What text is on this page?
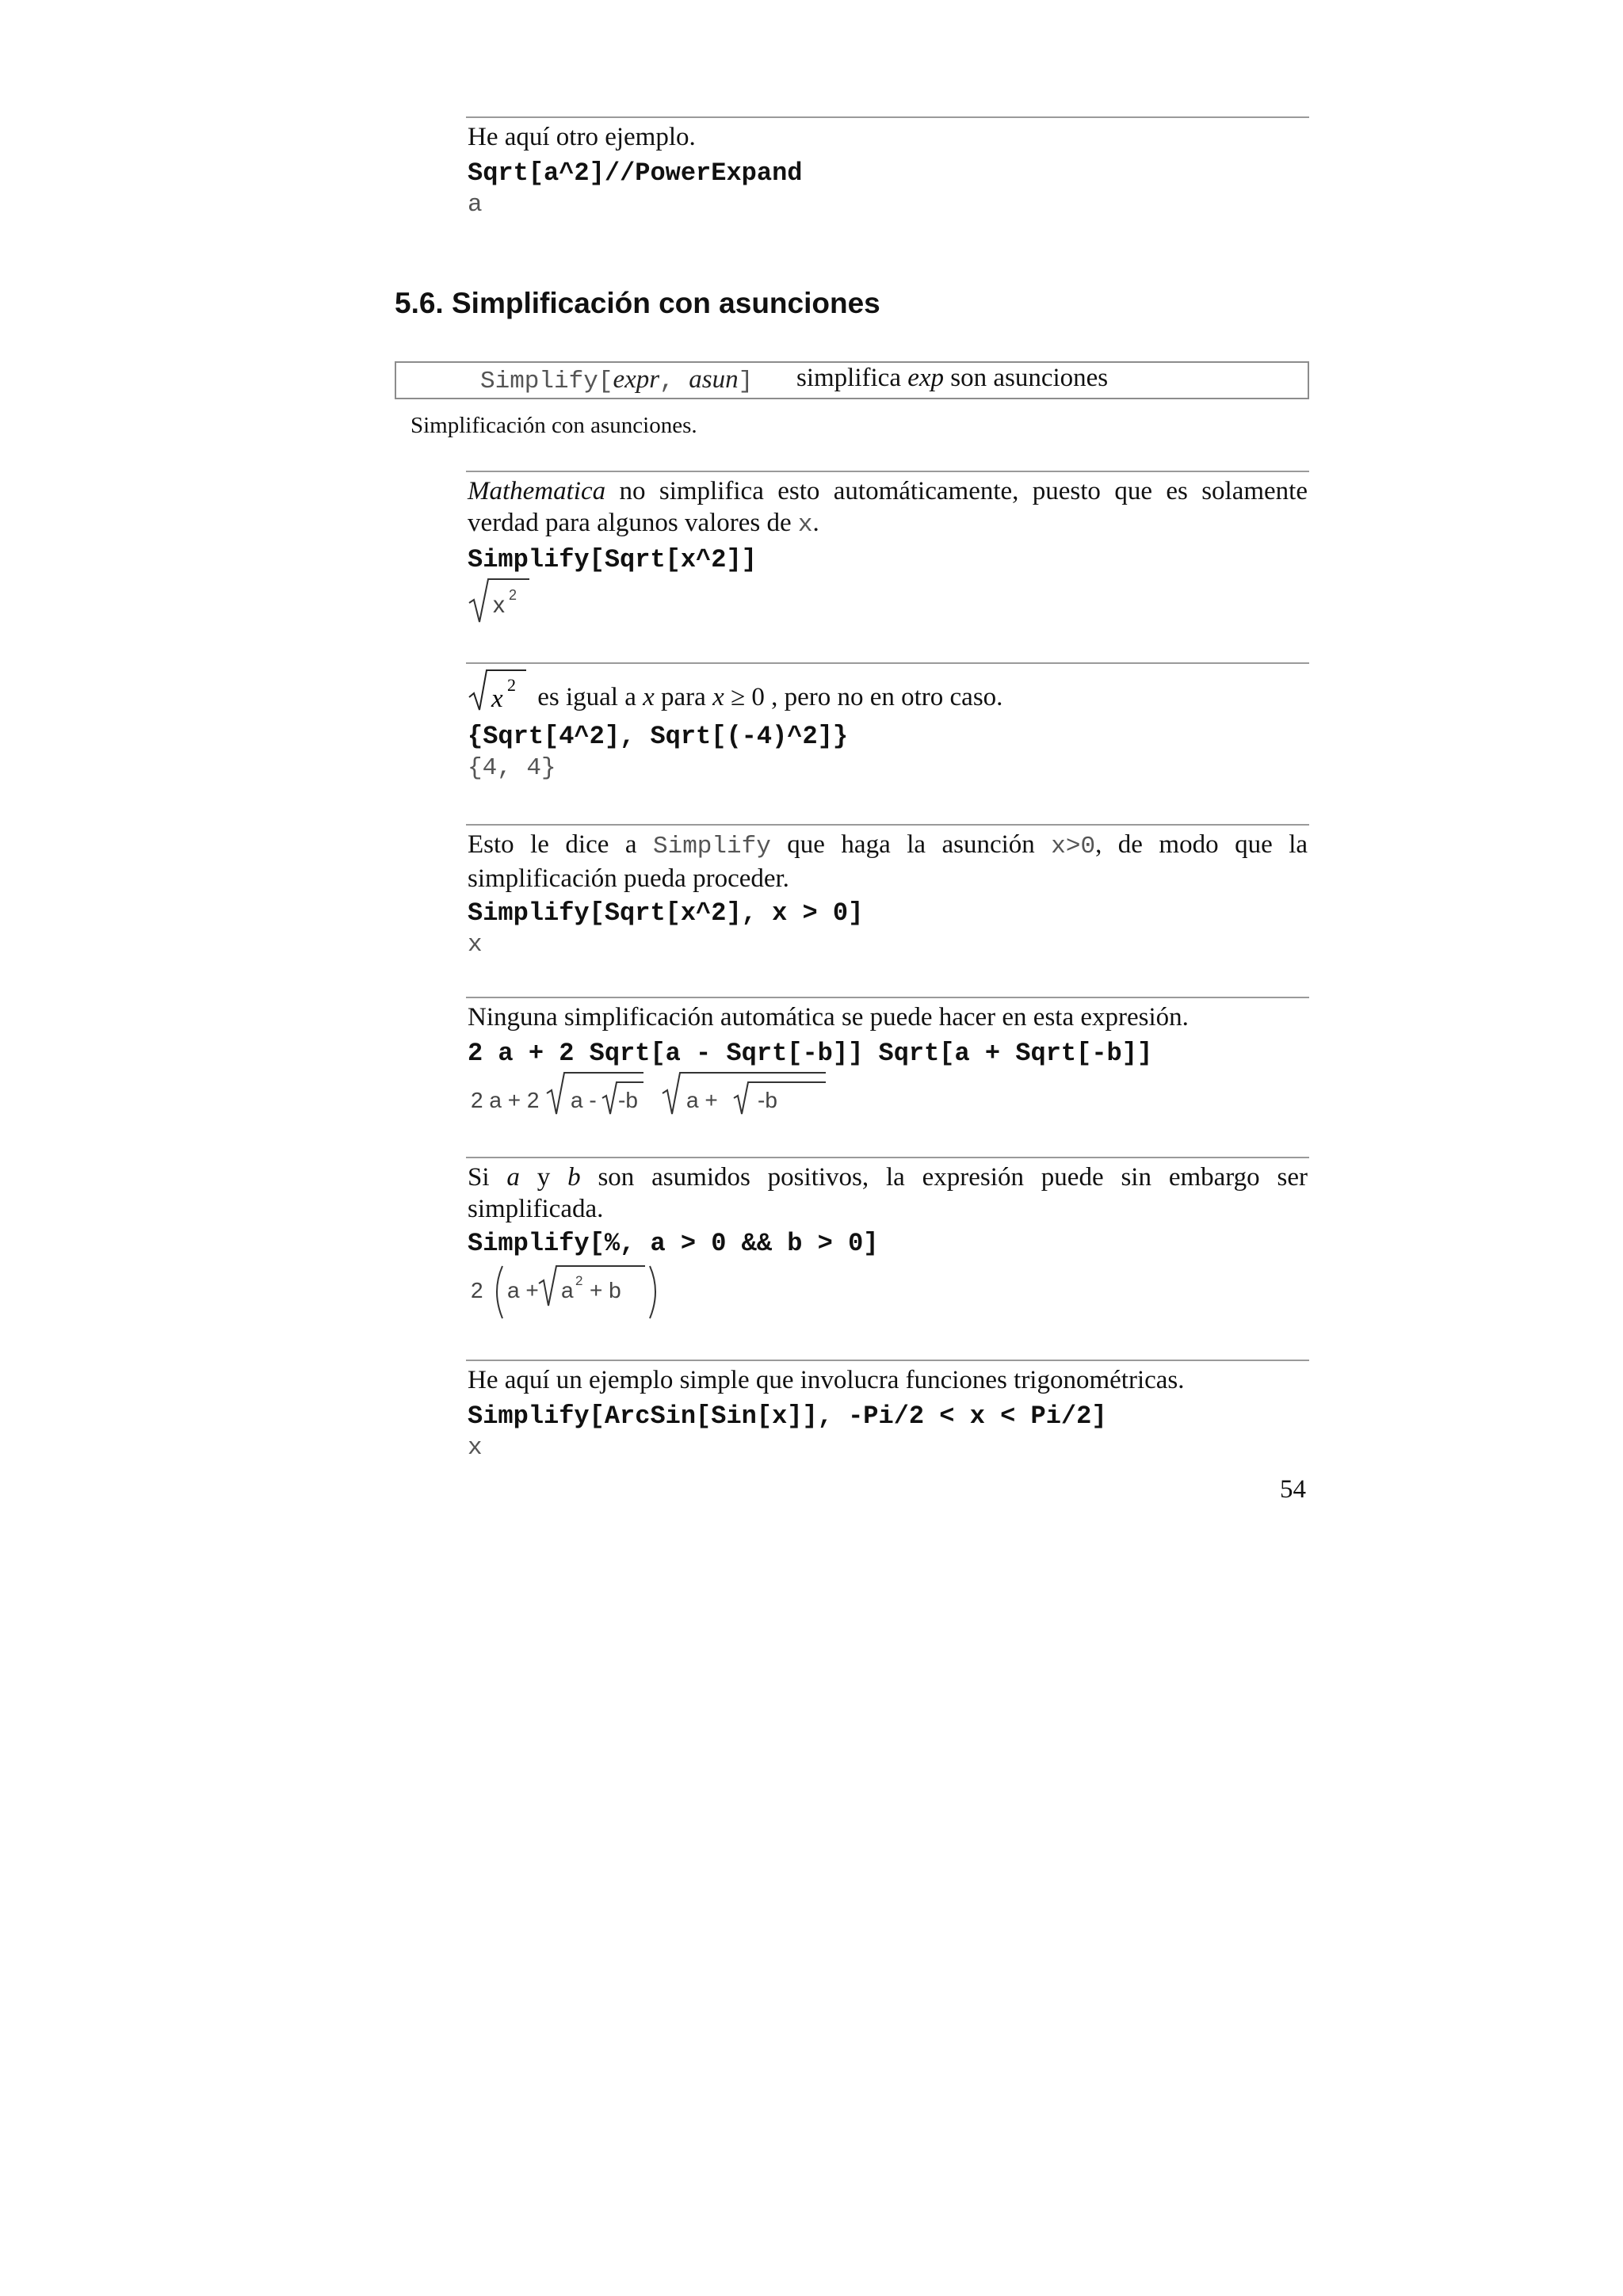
He aquí otro ejemplo.

Sqrt[a^2]//PowerExpand

a

5.6. Simplificación con asunciones
Simplify[expr, asun] simplifica exp son asunciones

Simplificación con asunciones.

Mathematica no simplifica esto automáticamente, puesto que es solamente verdad para algunos valores de x.

Simplify[Sqrt[x^2]]

x 2
x 2 es igual a x para x ≥ 0 , pero no en otro caso.

{Sqrt[4^2], Sqrt[(-4)^2]}

{4, 4}

Esto le dice a Simplify que haga la asunción x>0, de modo que la simplificación pueda proceder.

Simplify[Sqrt[x^2], x > 0]

x

Ninguna simplificación automática se puede hacer en esta expresión.

2 a + 2 Sqrt[a - Sqrt[-b]] Sqrt[a + Sqrt[-b]]

2 a + 2 a - -b a + -b

Si a y b son asumidos positivos, la expresión puede sin embargo ser simplificada.

Simplify[%, a > 0 && b > 0]

2 a + a 2 + b

He aquí un ejemplo simple que involucra funciones trigonométricas.

Simplify[ArcSin[Sin[x]], -Pi/2 < x < Pi/2]

x

54
